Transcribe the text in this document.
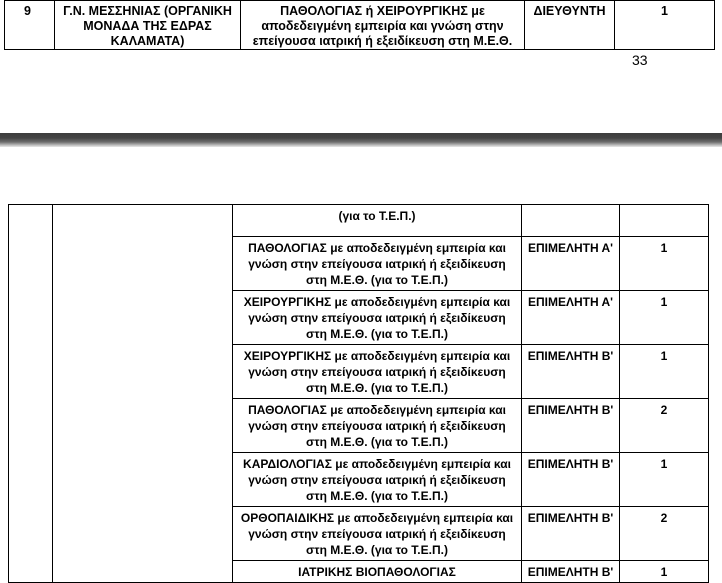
9	Γ.Ν. ΜΕΣΣΗΝΙΑΣ (ΟΡΓΑΝΙΚΗ ΜΟΝΑΔΑ ΤΗΣ ΕΔΡΑΣ ΚΑΛΑΜΑΤΑ)	ΠΑΘΟΛΟΓΙΑΣ ή ΧΕΙΡΟΥΡΓΙΚΗΣ με αποδεδειγμένη εμπειρία και γνώση στην επείγουσα ιατρική ή εξειδίκευση στη Μ.Ε.Θ.	ΔΙΕΥΘΥΝΤΗ	1
33
		(για το Τ.Ε.Π.)		
		ΠΑΘΟΛΟΓΙΑΣ με αποδεδειγμένη εμπειρία και γνώση στην επείγουσα ιατρική ή εξειδίκευση στη Μ.Ε.Θ. (για το Τ.Ε.Π.)	ΕΠΙΜΕΛΗΤΗ Α'	1
		ΧΕΙΡΟΥΡΓΙΚΗΣ με αποδεδειγμένη εμπειρία και γνώση στην επείγουσα ιατρική ή εξειδίκευση στη Μ.Ε.Θ. (για το Τ.Ε.Π.)	ΕΠΙΜΕΛΗΤΗ Α'	1
		ΧΕΙΡΟΥΡΓΙΚΗΣ με αποδεδειγμένη εμπειρία και γνώση στην επείγουσα ιατρική ή εξειδίκευση στη Μ.Ε.Θ. (για το Τ.Ε.Π.)	ΕΠΙΜΕΛΗΤΗ Β'	1
		ΠΑΘΟΛΟΓΙΑΣ με αποδεδειγμένη εμπειρία και γνώση στην επείγουσα ιατρική ή εξειδίκευση στη Μ.Ε.Θ. (για το Τ.Ε.Π.)	ΕΠΙΜΕΛΗΤΗ Β'	2
		ΚΑΡΔΙΟΛΟΓΙΑΣ με αποδεδειγμένη εμπειρία και γνώση στην επείγουσα ιατρική ή εξειδίκευση στη Μ.Ε.Θ. (για το Τ.Ε.Π.)	ΕΠΙΜΕΛΗΤΗ Β'	1
		ΟΡΘΟΠΑΙΔΙΚΗΣ με αποδεδειγμένη εμπειρία και γνώση στην επείγουσα ιατρική ή εξειδίκευση στη Μ.Ε.Θ. (για το Τ.Ε.Π.)	ΕΠΙΜΕΛΗΤΗ Β'	2
		ΙΑΤΡΙΚΗΣ ΒΙΟΠΑΘΟΛΟΓΙΑΣ	ΕΠΙΜΕΛΗΤΗ Β'	1
